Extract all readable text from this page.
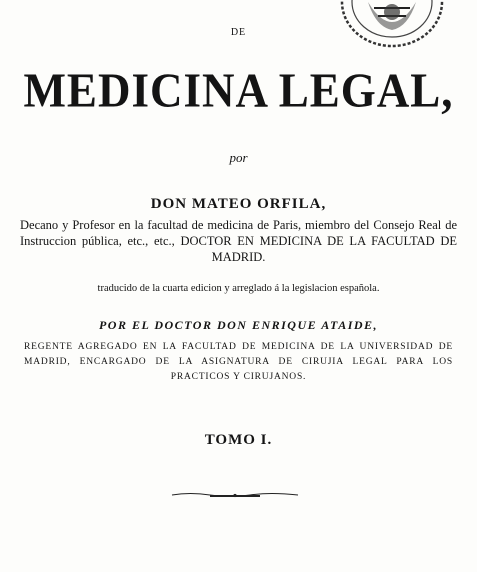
DE
MEDICINA LEGAL,
por
DON MATEO ORFILA,
Decano y Profesor en la facultad de medicina de Paris, miembro del Consejo Real de Instruccion pública, etc., etc., DOCTOR EN MEDICINA DE LA FACULTAD DE MADRID.
traducido de la cuarta edicion y arreglado á la legislacion española.
POR EL DOCTOR DON ENRIQUE ATAIDE,
REGENTE AGREGADO EN LA FACULTAD DE MEDICINA DE LA UNIVERSIDAD DE MADRID, ENCARGADO DE LA ASIGNATURA DE CIRUJIA LEGAL PARA LOS PRACTICOS Y CIRUJANOS.
TOMO I.
